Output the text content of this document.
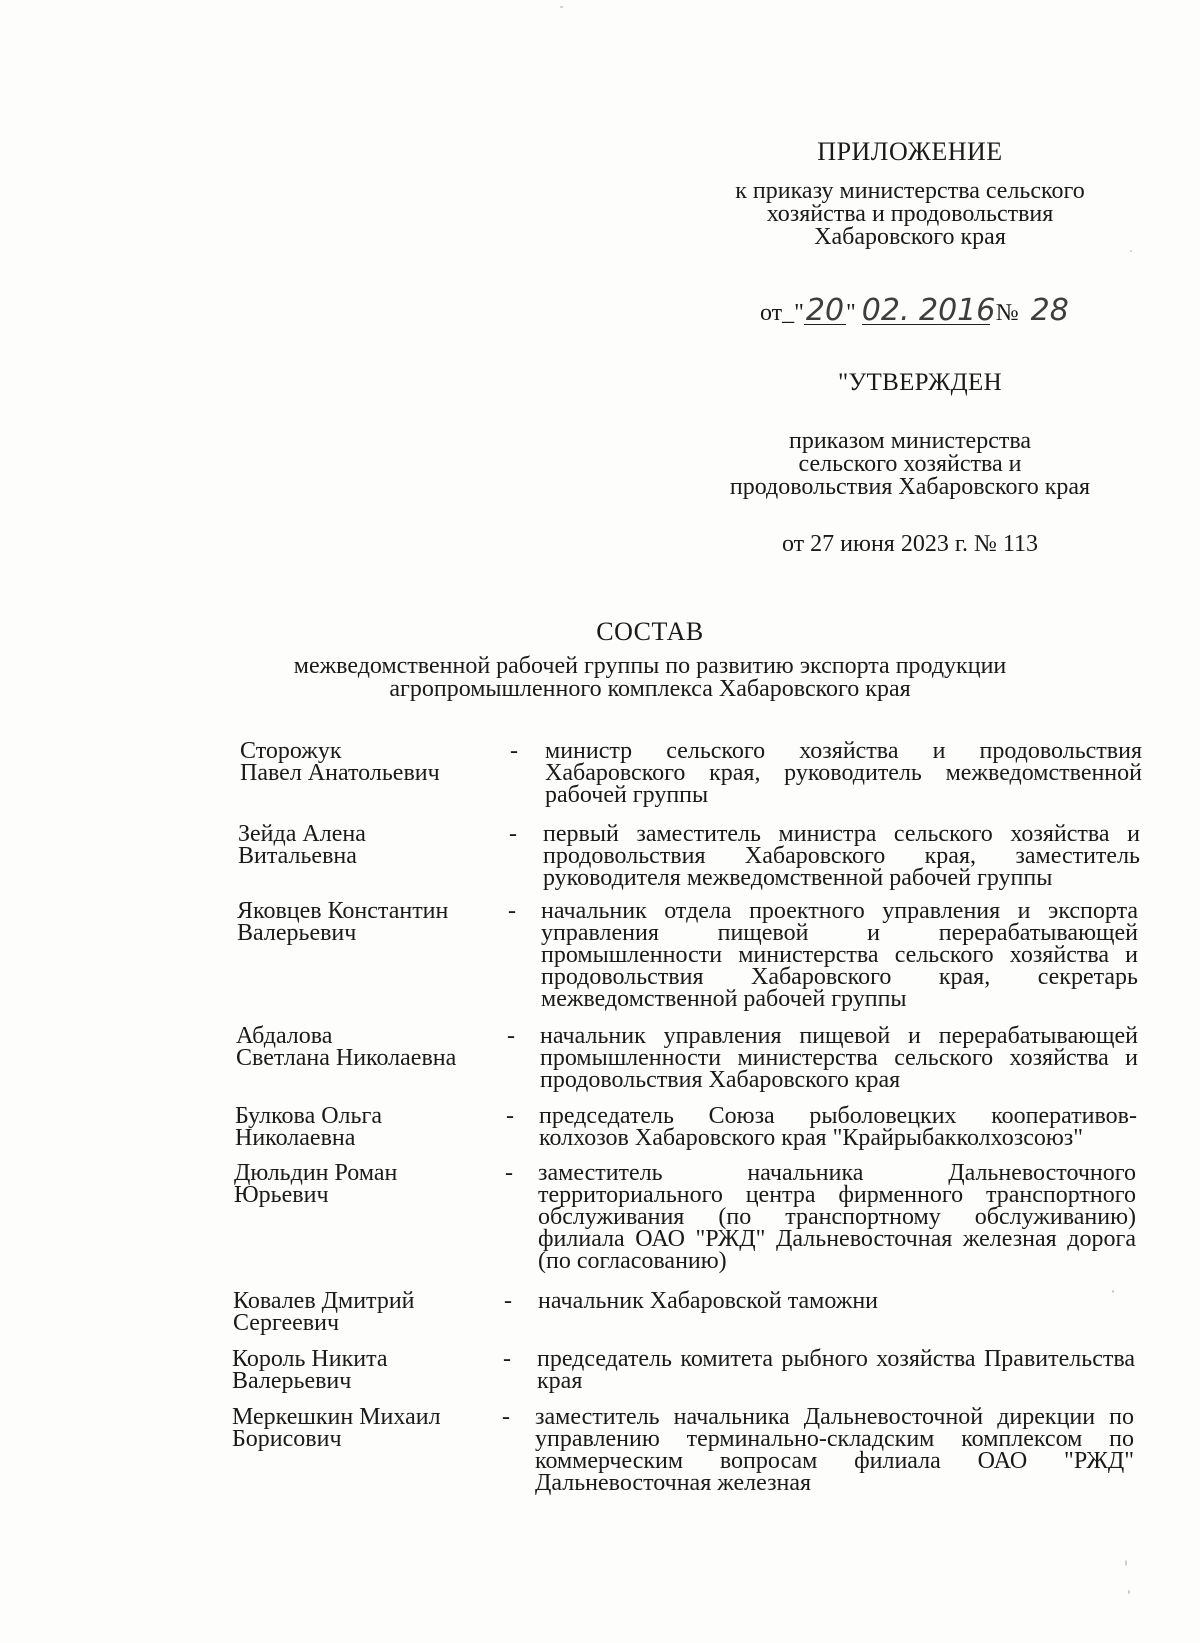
ПРИЛОЖЕНИЕ
к приказу министерства сельского
хозяйства и продовольствия
Хабаровского края
от_"20" 02. 2016 № 28
"УТВЕРЖДЕН
приказом министерства
сельского хозяйства и
продовольствия Хабаровского края
от 27 июня 2023 г. № 113
СОСТАВ
межведомственной рабочей группы по развитию экспорта продукции
агропромышленного комплекса Хабаровского края
Сторожук
Павел Анатольевич
- министр сельского хозяйства и продовольствия Хабаровского края, руководитель межведомственной рабочей группы
Зейда Алена
Витальевна
- первый заместитель министра сельского хозяйства и продовольствия Хабаровского края, заместитель руководителя межведомственной рабочей группы
Яковцев Константин
Валерьевич
- начальник отдела проектного управления и экспорта управления пищевой и перерабатывающей промышленности министерства сельского хозяйства и продовольствия Хабаровского края, секретарь межведомственной рабочей группы
Абдалова
Светлана Николаевна
- начальник управления пищевой и перерабатывающей промышленности министерства сельского хозяйства и продовольствия Хабаровского края
Булкова Ольга
Николаевна
- председатель Союза рыболовецких кооперативов-колхозов Хабаровского края "Крайрыбакколхозсоюз"
Дюльдин Роман
Юрьевич
- заместитель начальника Дальневосточного территориального центра фирменного транспортного обслуживания (по транспортному обслуживанию) филиала ОАО "РЖД" Дальневосточная железная дорога (по согласованию)
Ковалев Дмитрий
Сергеевич
- начальник Хабаровской таможни
Король Никита
Валерьевич
- председатель комитета рыбного хозяйства Правительства края
Меркешкин Михаил
Борисович
- заместитель начальника Дальневосточной дирекции по управлению терминально-складским комплексом по коммерческим вопросам филиала ОАО "РЖД" Дальневосточная железная
